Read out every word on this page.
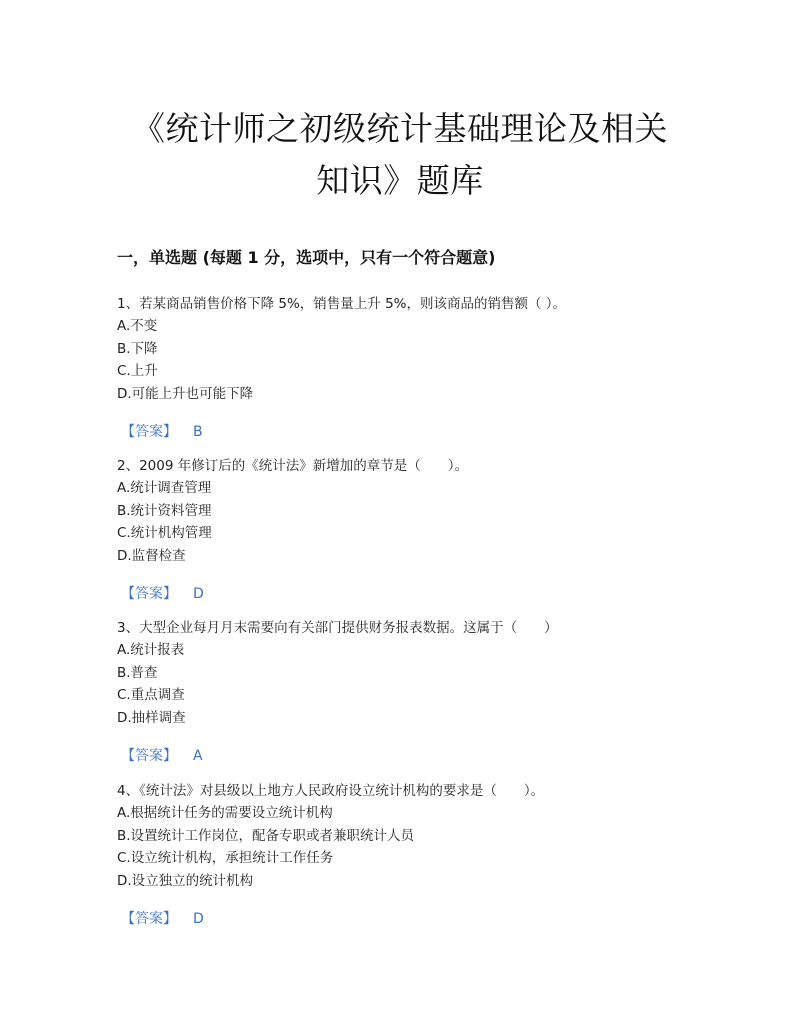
《统计师之初级统计基础理论及相关
知识》题库
一，单选题 (每题 1 分，选项中，只有一个符合题意)
1、若某商品销售价格下降 5%，销售量上升 5%，则该商品的销售额（ ）。
A.不变
B.下降
C.上升
D.可能上升也可能下降
【答案】 B
2、2009 年修订后的《统计法》新增加的章节是（　　）。
A.统计调查管理
B.统计资料管理
C.统计机构管理
D.监督检查
【答案】 D
3、大型企业每月月末需要向有关部门提供财务报表数据。这属于（　　）
A.统计报表
B.普查
C.重点调查
D.抽样调查
【答案】 A
4、《统计法》对县级以上地方人民政府设立统计机构的要求是（　　）。
A.根据统计任务的需要设立统计机构
B.设置统计工作岗位，配备专职或者兼职统计人员
C.设立统计机构，承担统计工作任务
D.设立独立的统计机构
【答案】 D
